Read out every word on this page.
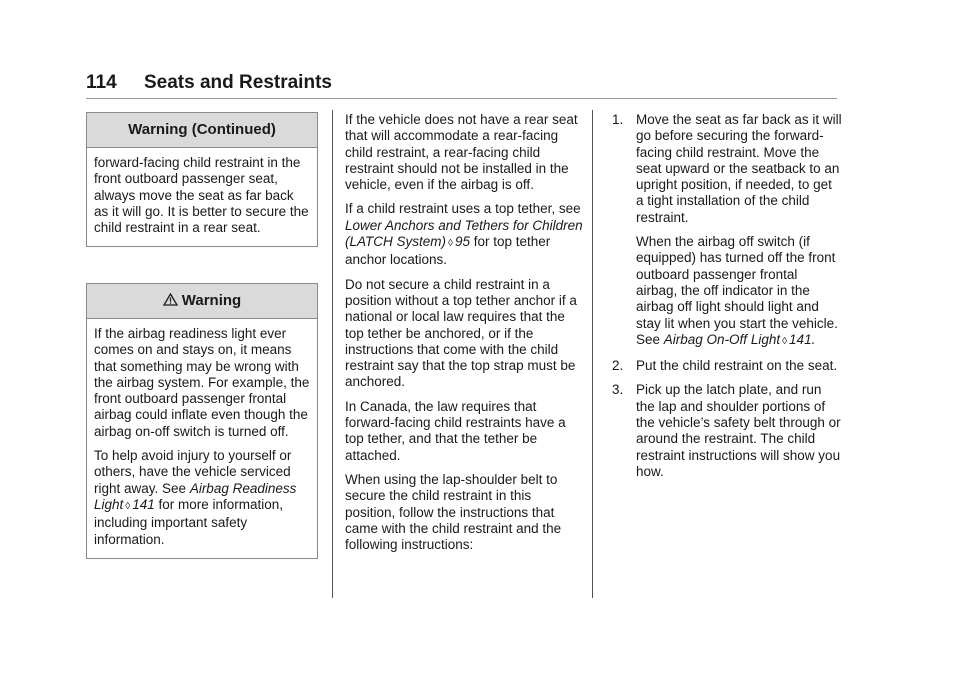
114 Seats and Restraints
Warning (Continued)

forward-facing child restraint in the front outboard passenger seat, always move the seat as far back as it will go. It is better to secure the child restraint in a rear seat.

Warning

If the airbag readiness light ever comes on and stays on, it means that something may be wrong with the airbag system. For example, the front outboard passenger frontal airbag could inflate even though the airbag on-off switch is turned off.

To help avoid injury to yourself or others, have the vehicle serviced right away. See Airbag Readiness Light ◊ 141 for more information, including important safety information.

If the vehicle does not have a rear seat that will accommodate a rear-facing child restraint, a rear-facing child restraint should not be installed in the vehicle, even if the airbag is off.

If a child restraint uses a top tether, see Lower Anchors and Tethers for Children (LATCH System) ◊ 95 for top tether anchor locations.

Do not secure a child restraint in a position without a top tether anchor if a national or local law requires that the top tether be anchored, or if the instructions that come with the child restraint say that the top strap must be anchored.

In Canada, the law requires that forward-facing child restraints have a top tether, and that the tether be attached.

When using the lap-shoulder belt to secure the child restraint in this position, follow the instructions that came with the child restraint and the following instructions:

1. Move the seat as far back as it will go before securing the forward-facing child restraint. Move the seat upward or the seatback to an upright position, if needed, to get a tight installation of the child restraint.

When the airbag off switch (if equipped) has turned off the front outboard passenger frontal airbag, the off indicator in the airbag off light should light and stay lit when you start the vehicle. See Airbag On-Off Light ◊ 141.

2. Put the child restraint on the seat.

3. Pick up the latch plate, and run the lap and shoulder portions of the vehicle’s safety belt through or around the restraint. The child restraint instructions will show you how.
